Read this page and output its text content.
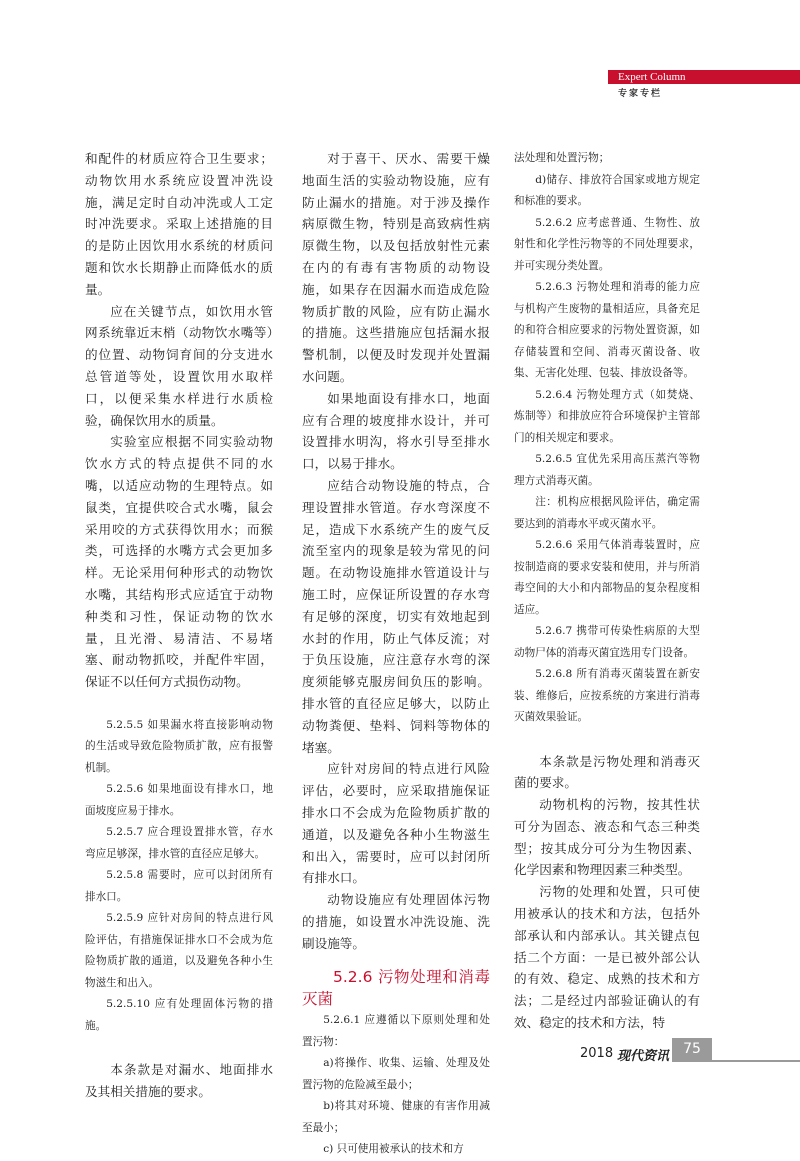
Expert Column
专家专栏

和配件的材质应符合卫生要求；动物饮用水系统应设置冲洗设施，满足定时自动冲洗或人工定时冲洗要求。采取上述措施的目的是防止因饮用水系统的材质问题和饮水长期静止而降低水的质量。

应在关键节点，如饮用水管网系统靠近末梢（动物饮水嘴等）的位置、动物饲育间的分支进水总管道等处，设置饮用水取样口，以便采集水样进行水质检验，确保饮用水的质量。

实验室应根据不同实验动物饮水方式的特点提供不同的水嘴，以适应动物的生理特点。如鼠类，宜提供咬合式水嘴，鼠会采用咬的方式获得饮用水；而猴类，可选择的水嘴方式会更加多样。无论采用何种形式的动物饮水嘴，其结构形式应适宜于动物种类和习性，保证动物的饮水量，且光滑、易清洁、不易堵塞、耐动物抓咬，并配件牢固，保证不以任何方式损伤动物。

5.2.5.5 如果漏水将直接影响动物的生活或导致危险物质扩散，应有报警机制。

5.2.5.6 如果地面设有排水口，地面坡度应易于排水。

5.2.5.7 应合理设置排水管，存水弯应足够深，排水管的直径应足够大。

5.2.5.8 需要时，应可以封闭所有排水口。

5.2.5.9 应针对房间的特点进行风险评估，有措施保证排水口不会成为危险物质扩散的通道，以及避免各种小生物滋生和出入。

5.2.5.10 应有处理固体污物的措施。

本条款是对漏水、地面排水及其相关措施的要求。

对于喜干、厌水、需要干燥地面生活的实验动物设施，应有防止漏水的措施。对于涉及操作病原微生物，特别是高致病性病原微生物，以及包括放射性元素在内的有毒有害物质的动物设施，如果存在因漏水而造成危险物质扩散的风险，应有防止漏水的措施。这些措施应包括漏水报警机制，以便及时发现并处置漏水问题。

如果地面设有排水口，地面应有合理的坡度排水设计，并可设置排水明沟，将水引导至排水口，以易于排水。

应结合动物设施的特点，合理设置排水管道。存水弯深度不足，造成下水系统产生的废气反流至室内的现象是较为常见的问题。在动物设施排水管道设计与施工时，应保证所设置的存水弯有足够的深度，切实有效地起到水封的作用，防止气体反流；对于负压设施，应注意存水弯的深度须能够克服房间负压的影响。排水管的直径应足够大，以防止动物粪便、垫料、饲料等物体的堵塞。

应针对房间的特点进行风险评估，必要时，应采取措施保证排水口不会成为危险物质扩散的通道，以及避免各种小生物滋生和出入，需要时，应可以封闭所有排水口。

动物设施应有处理固体污物的措施，如设置水冲洗设施、洗刷设施等。

5.2.6 污物处理和消毒灭菌

5.2.6.1 应遵循以下原则处理和处置污物：

a)将操作、收集、运输、处理及处置污物的危险减至最小；

b)将其对环境、健康的有害作用减至最小；

c) 只可使用被承认的技术和方

法处理和处置污物；

d)储存、排放符合国家或地方规定和标准的要求。

5.2.6.2 应考虑普通、生物性、放射性和化学性污物等的不同处理要求，并可实现分类处置。

5.2.6.3 污物处理和消毒的能力应与机构产生废物的量相适应，具备充足的和符合相应要求的污物处置资源，如存储装置和空间、消毒灭菌设备、收集、无害化处理、包装、排放设备等。

5.2.6.4 污物处理方式（如焚烧、炼制等）和排放应符合环境保护主管部门的相关规定和要求。

5.2.6.5 宜优先采用高压蒸汽等物理方式消毒灭菌。

注：机构应根据风险评估，确定需要达到的消毒水平或灭菌水平。

5.2.6.6 采用气体消毒装置时，应按制造商的要求安装和使用，并与所消毒空间的大小和内部物品的复杂程度相适应。

5.2.6.7 携带可传染性病原的大型动物尸体的消毒灭菌宜选用专门设备。

5.2.6.8 所有消毒灭菌装置在新安装、维修后，应按系统的方案进行消毒灭菌效果验证。

本条款是污物处理和消毒灭菌的要求。

动物机构的污物，按其性状可分为固态、液态和气态三种类型；按其成分可分为生物因素、化学因素和物理因素三种类型。

污物的处理和处置，只可使用被承认的技术和方法，包括外部承认和内部承认。其关键点包括二个方面：一是已被外部公认的有效、稳定、成熟的技术和方法；二是经过内部验证确认的有效、稳定的技术和方法，特

2018 现代资讯	75
